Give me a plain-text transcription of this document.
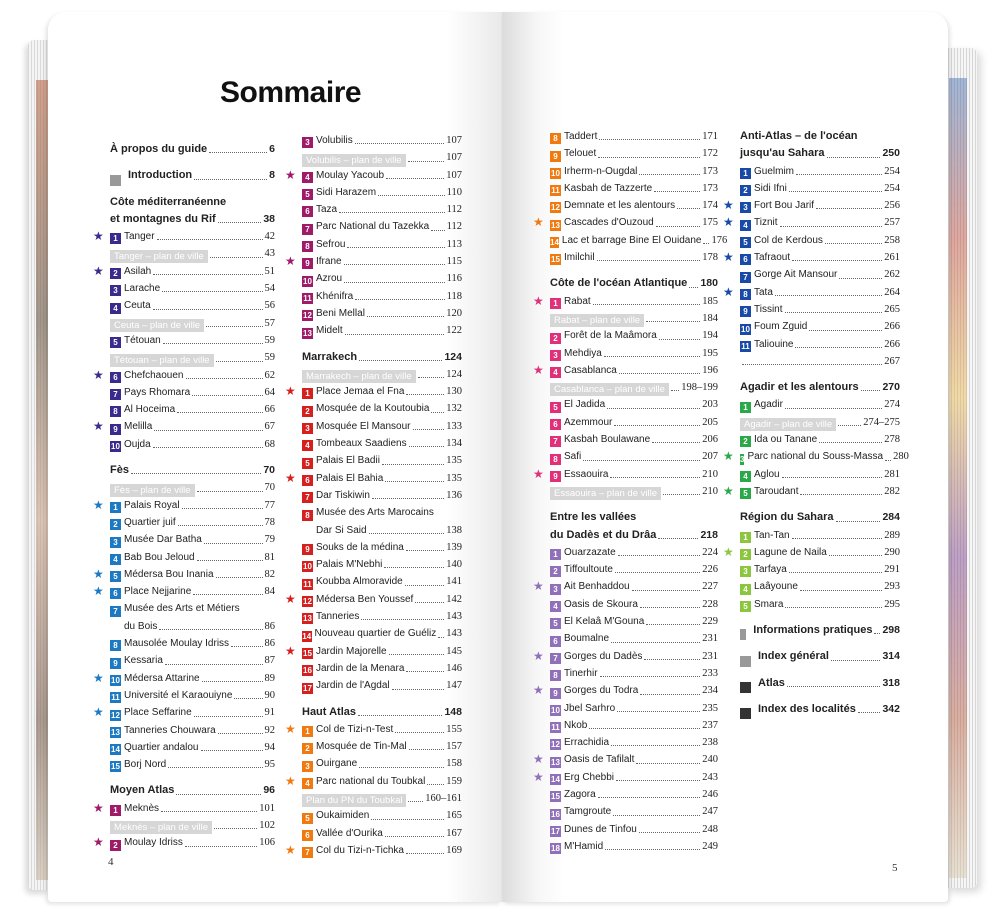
Sommaire
À propos du guide	6
Introduction	8
Côte méditerranéenne
et montagnes du Rif	38
★	1 Tanger	42
Tanger – plan de ville	43
★	2 Asilah	51
3 Larache	54
4 Ceuta	56
Ceuta – plan de ville	57
5 Tétouan	59
Tétouan – plan de ville	59
★	6 Chefchaouen	62
7 Pays Rhomara	64
8 Al Hoceima	66
★	9 Melilla	67
10 Oujda	68
Fès	70
Fès – plan de ville	70
★	1 Palais Royal	77
2 Quartier juif	78
3 Musée Dar Batha	79
4 Bab Bou Jeloud	81
★	5 Médersa Bou Inania	82
★	6 Place Nejjarine	84
7 Musée des Arts et Métiers
du Bois	86
8 Mausolée Moulay Idriss	86
9 Kessaria	87
★ 10 Médersa Attarine	89
11 Université el Karaouiyne	90
★ 12 Place Seffarine	91
13 Tanneries Chouwara	92
14 Quartier andalou	94
15 Borj Nord	95
Moyen Atlas	96
★	1 Meknès	101
Meknès – plan de ville	102
★	2 Moulay Idriss	106
3 Volubilis	107
Volubilis – plan de ville	107
★	4 Moulay Yacoub	107
5 Sidi Harazem	110
6 Taza	112
7 Parc National du Tazekka 112
8 Sefrou	113
★	9 Ifrane	115
10 Azrou	116
11 Khénifra	118
12 Beni Mellal	120
13 Midelt	122
Marrakech	124
Marrakech – plan de ville	124
★	1 Place Jemaa el Fna	130
2 Mosquée de la Koutoubia 132
3 Mosquée El Mansour	133
4 Tombeaux Saadiens	134
5 Palais El Badii	135
★	6 Palais El Bahia	135
7 Dar Tiskiwin	136
8 Musée des Arts Marocains
Dar Si Said	138
9 Souks de la médina	139
10 Palais M'Nebhi	140
11 Koubba Almoravide	141
★ 12 Médersa Ben Youssef	142
13 Tanneries	143
14 Nouveau quartier de Guéliz 143
★ 15 Jardin Majorelle	145
16 Jardin de la Menara	146
17 Jardin de l'Agdal	147
Haut Atlas	148
★	1 Col de Tizi-n-Test	155
2 Mosquée de Tin-Mal	157
3 Ouirgane	158
★	4 Parc national du Toubkal 159
Plan du PN du Toubkal	160–161
5 Oukaimiden	165
6 Vallée d'Ourika	167
★	7 Col du Tizi-n-Tichka	169
8 Taddert	171
9 Telouet	172
10 Irherm-n-Ougdal	173
11 Kasbah de Tazzerte	173
12 Demnate et les alentours	174
★ 13 Cascades d'Ouzoud	175
14 Lac et barrage Bine El Ouidane 176
15 Imilchil	178
Côte de l'océan Atlantique 180
★	1 Rabat	185
Rabat – plan de ville	184
2 Forêt de la Maâmora	194
3 Mehdiya	195
★	4 Casablanca	196
Casablanca – plan de ville	198–199
5 El Jadida	203
6 Azemmour	205
7 Kasbah Boulawane	206
8 Safi	207
★	9 Essaouira	210
Essaouira – plan de ville	210
Entre les vallées
du Dadès et du Drâa	218
1 Ouarzazate	224
2 Tiffoultoute	226
★	3 Ait Benhaddou	227
4 Oasis de Skoura	228
5 El Kelaâ M'Gouna	229
6 Boumalne	231
★	7 Gorges du Dadès	231
8 Tinerhir	233
★	9 Gorges du Todra	234
10 Jbel Sarhro	235
11 Nkob	237
12 Errachidia	238
★ 13 Oasis de Tafilalt	240
★ 14 Erg Chebbi	243
15 Zagora	246
16 Tamgroute	247
17 Dunes de Tinfou	248
18 M'Hamid	249
Anti-Atlas – de l'océan
jusqu'au Sahara	250
1 Guelmim	254
2 Sidi Ifni	254
★	3 Fort Bou Jarif	256
★	4 Tiznit	257
5 Col de Kerdous	258
★	6 Tafraout	261
7 Gorge Ait Mansour	262
★	8 Tata	264
9 Tissint	265
10 Foum Zguid	266
11 Taliouine	266
267
Agadir et les alentours 270
1 Agadir	274
Agadir – plan de ville	274–275
2 Ida ou Tanane	278
★ 3 Parc national du Souss-Massa 280
4 Aglou	281
★	5 Taroudant	282
Région du Sahara	284
1 Tan-Tan	289
★	2 Lagune de Naila	290
3 Tarfaya	291
4 Laâyoune	293
5 Smara	295
Informations pratiques 298
Index général	314
Atlas	318
Index des localités	342
4	5
